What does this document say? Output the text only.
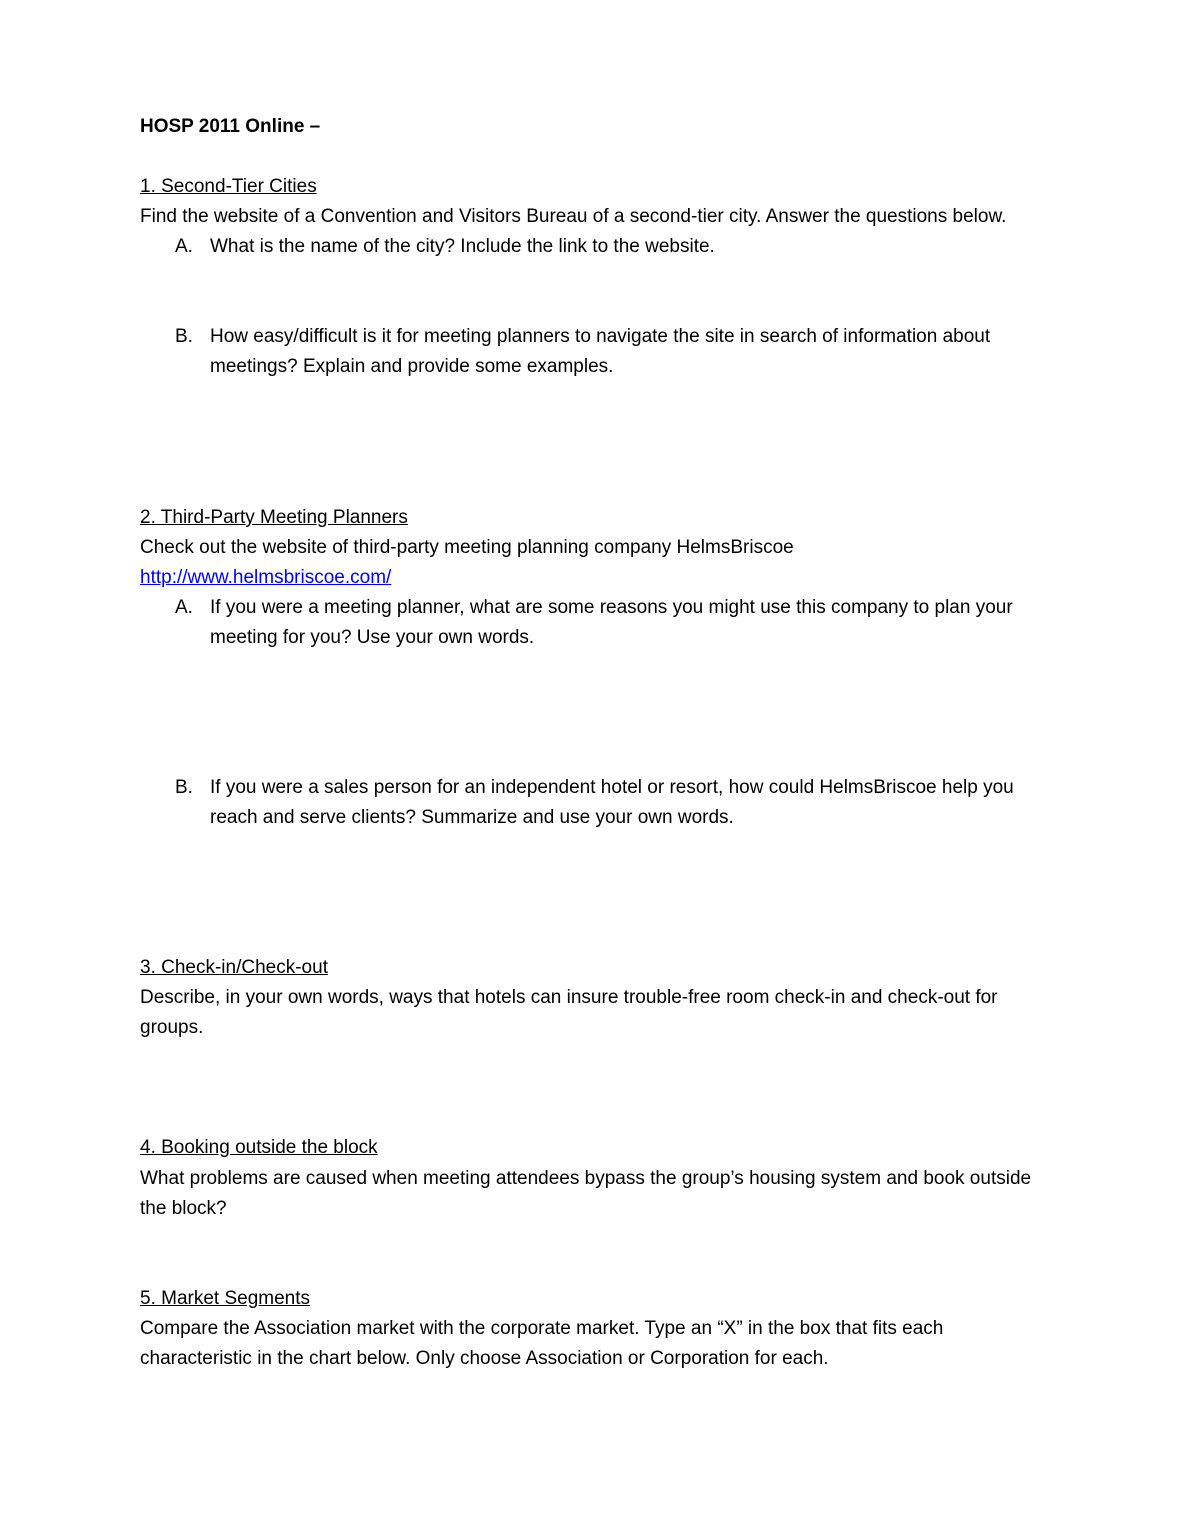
HOSP 2011 Online –
1. Second-Tier Cities
Find the website of a Convention and Visitors Bureau of a second-tier city. Answer the questions below.
A. What is the name of the city? Include the link to the website.
B. How easy/difficult is it for meeting planners to navigate the site in search of information about meetings? Explain and provide some examples.
2. Third-Party Meeting Planners
Check out the website of third-party meeting planning company HelmsBriscoe
http://www.helmsbriscoe.com/
A. If you were a meeting planner, what are some reasons you might use this company to plan your meeting for you? Use your own words.
B. If you were a sales person for an independent hotel or resort, how could HelmsBriscoe help you reach and serve clients? Summarize and use your own words.
3. Check-in/Check-out
Describe, in your own words, ways that hotels can insure trouble-free room check-in and check-out for groups.
4. Booking outside the block
What problems are caused when meeting attendees bypass the group’s housing system and book outside the block?
5. Market Segments
Compare the Association market with the corporate market. Type an “X” in the box that fits each characteristic in the chart below. Only choose Association or Corporation for each.
